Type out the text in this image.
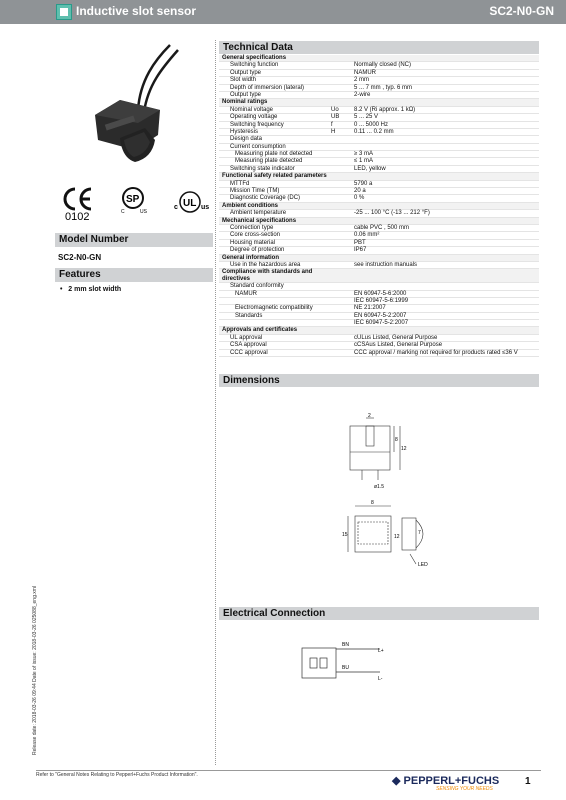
Inductive slot sensor	SC2-N0-GN
0102
SP
C	US
UL
c	us
Model Number
SC2-N0-GN
Features
•   2 mm slot width
Technical Data
General specifications
Switching function	Normally closed (NC)
Output type	NAMUR
Slot width	2 mm
Depth of immersion (lateral)	5 ... 7 mm , typ. 6 mm
Output type	2-wire
Nominal ratings
Nominal voltage	Uo	8.2 V (Ri approx. 1 kΩ)
Operating voltage	UB 5 ... 25 V
Switching frequency	f	0 ... 5000 Hz
Hysteresis	H	0.11 ... 0.2 mm
Design data
Current consumption
Measuring plate not detected	≥ 3 mA
Measuring plate detected	≤ 1 mA
Switching state indicator	LED, yellow
Functional safety related parameters
MTTFd	5790 a
Mission Time (TM)	20 a
Diagnostic Coverage (DC)	0 %
Ambient conditions
Ambient temperature	-25 ... 100 °C (-13 ... 212 °F)
Mechanical specifications
Connection type	cable PVC , 500 mm
Core cross-section	0.06 mm²
Housing material	PBT
Degree of protection	IP67
General information
Use in the hazardous area	see instruction manuals
Compliance with standards and directives
Standard conformity
NAMUR	EN 60947-5-6:2000
IEC 60947-5-6:1999
Electromagnetic compatibility	NE 21:2007
Standards	EN 60947-5-2:2007
IEC 60947-5-2:2007
Approvals and certificates
UL approval	cULus Listed, General Purpose
CSA approval	cCSAus Listed, General Purpose
CCC approval	CCC approval / marking not required for products rated ≤36 V
Dimensions
2
8
12
ø1.5
8
15	7
12
LED
Electrical Connection
BN
BU
L+
L-
Release date: 2018-03-26 09:44 Date of issue: 2018-03-26 025088_eng.xml
Refer to "General Notes Relating to Pepperl+Fuchs Product Information".	◆ PEPPERL+FUCHS
SENSING YOUR NEEDS
1
